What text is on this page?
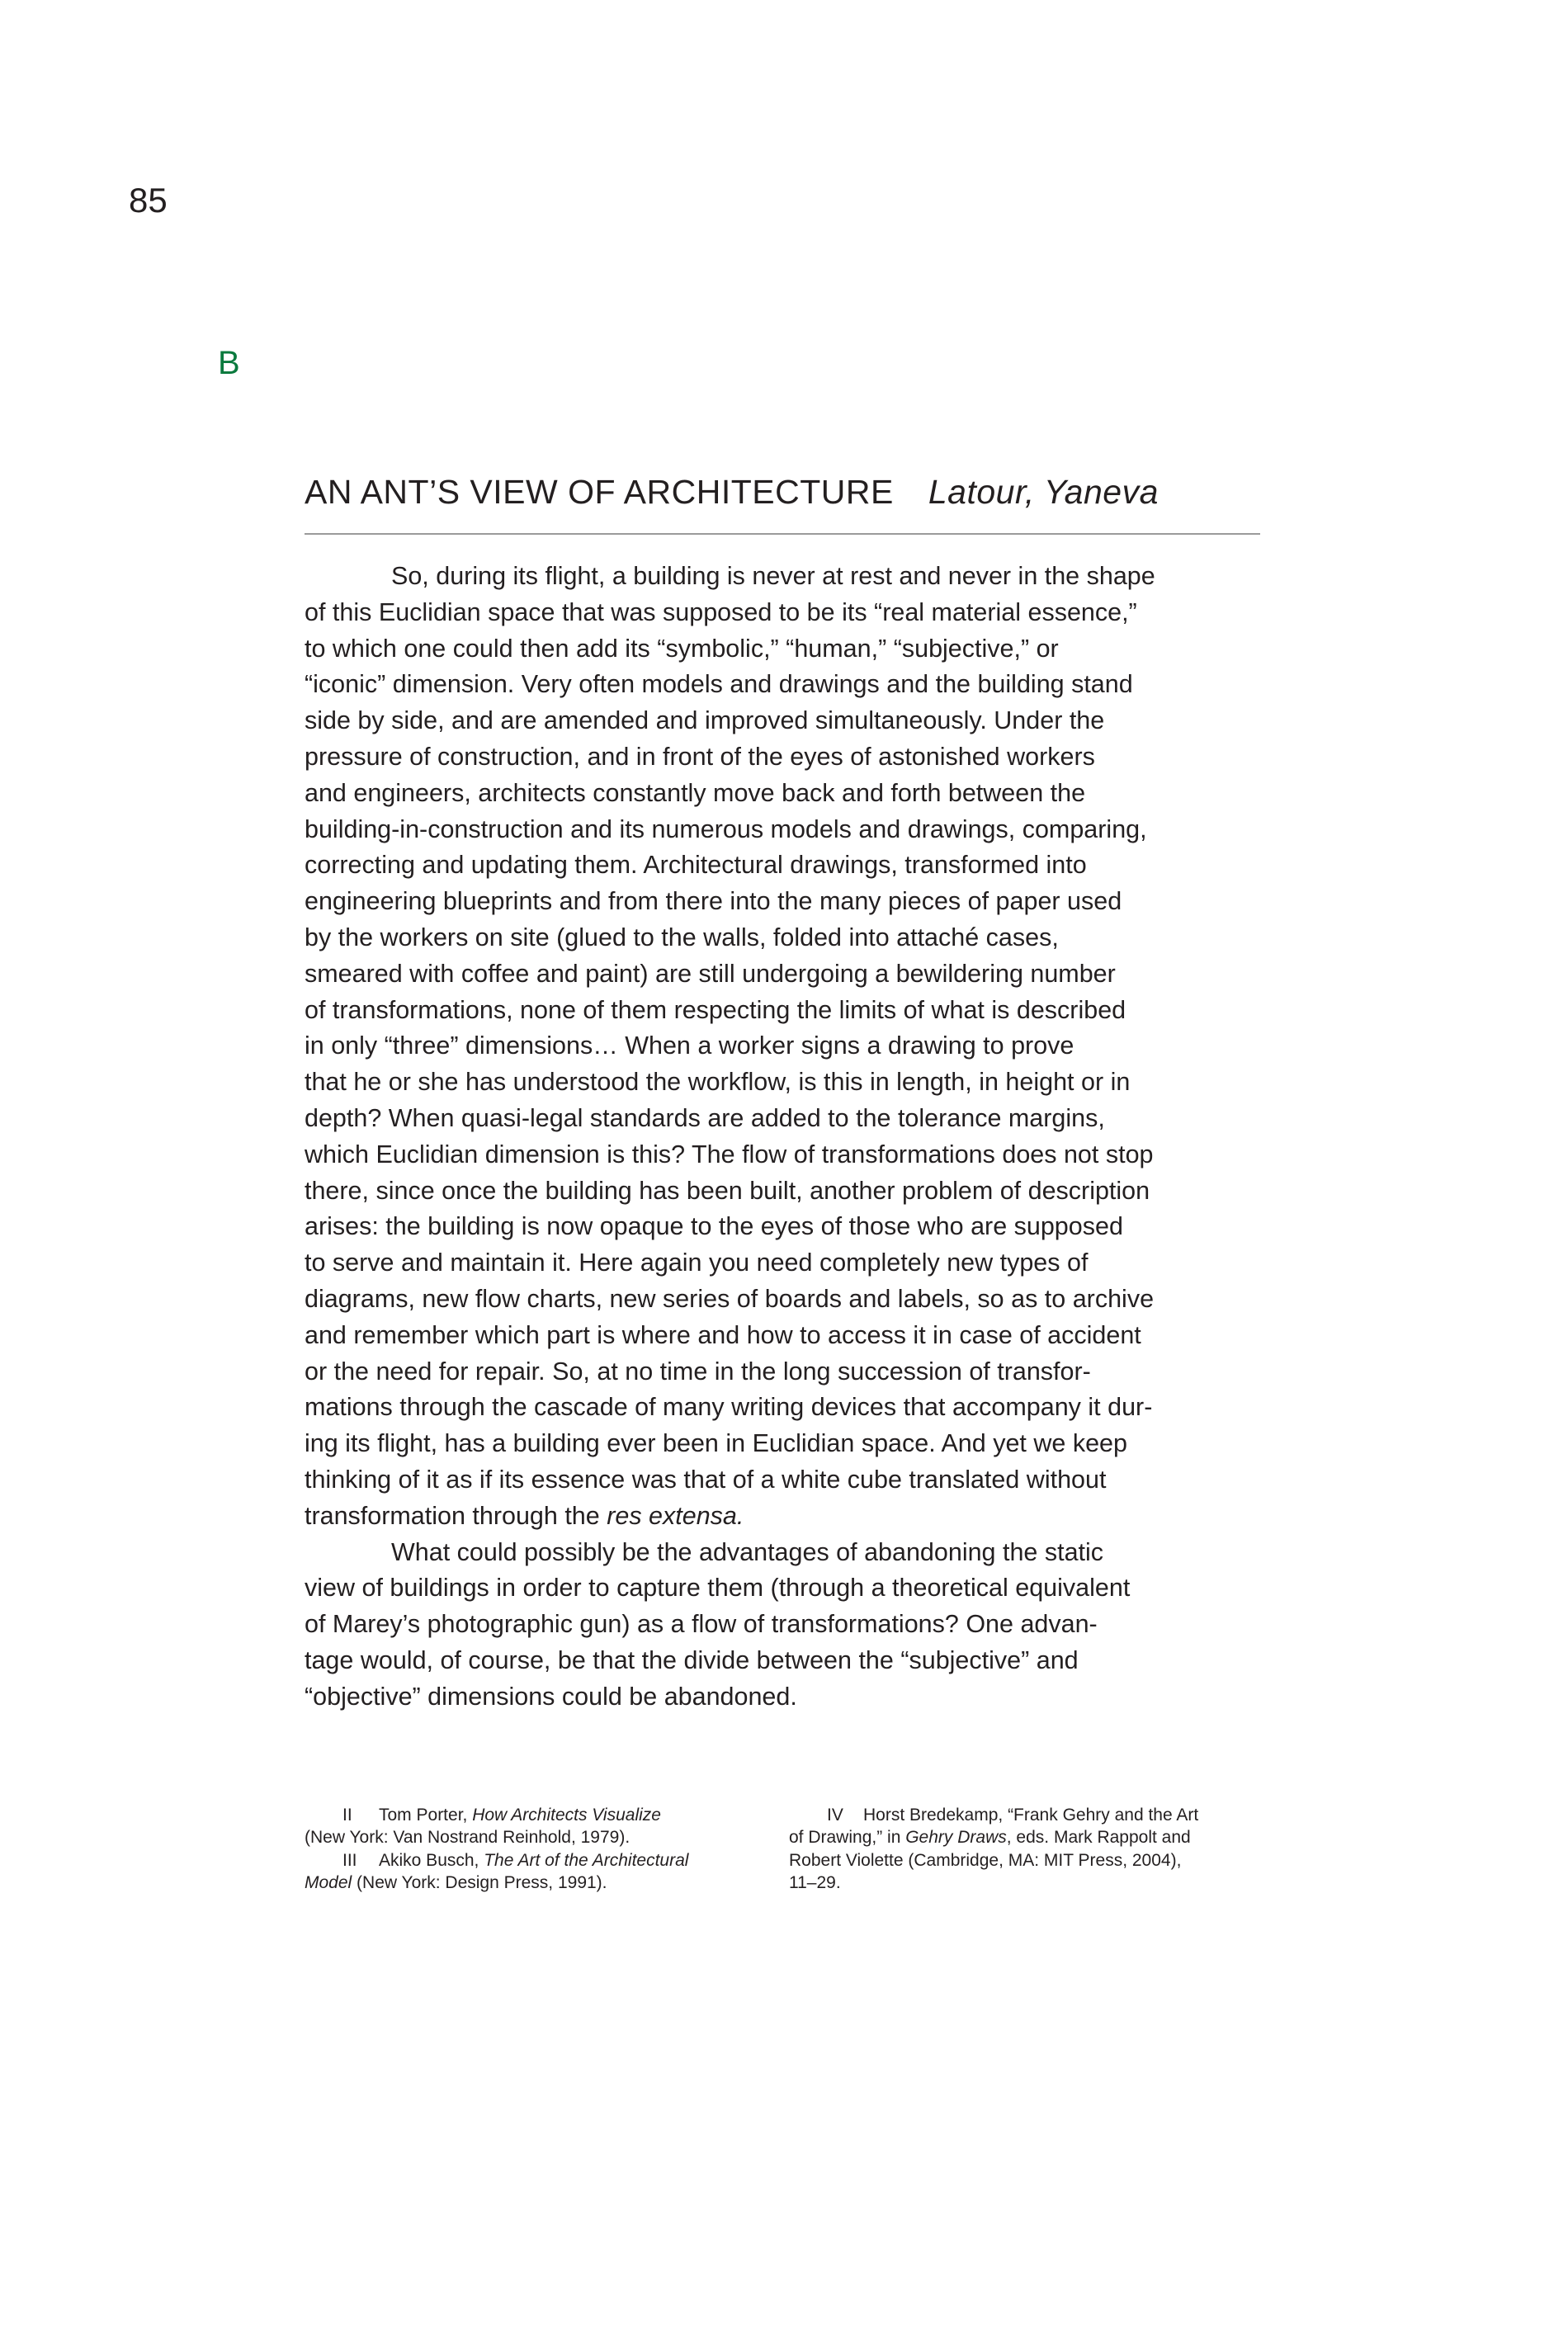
85
B
AN ANT’S VIEW OF ARCHITECTURE Latour, Yaneva
So, during its flight, a building is never at rest and never in the shape
of this Euclidian space that was supposed to be its “real material essence,”
to which one could then add its “symbolic,” “human,” “subjective,” or
“iconic” dimension. Very often models and drawings and the building stand
side by side, and are amended and improved simultaneously. Under the
pressure of construction, and in front of the eyes of astonished workers
and engineers, architects constantly move back and forth between the
building-in-construction and its numerous models and drawings, comparing,
correcting and updating them. Architectural drawings, transformed into
engineering blueprints and from there into the many pieces of paper used
by the workers on site (glued to the walls, folded into attaché cases,
smeared with coffee and paint) are still undergoing a bewildering number
of transformations, none of them respecting the limits of what is described
in only “three” dimensions… When a worker signs a drawing to prove
that he or she has understood the workflow, is this in length, in height or in
depth? When quasi-legal standards are added to the tolerance margins,
which Euclidian dimension is this? The flow of transformations does not stop
there, since once the building has been built, another problem of description
arises: the building is now opaque to the eyes of those who are supposed
to serve and maintain it. Here again you need completely new types of
diagrams, new flow charts, new series of boards and labels, so as to archive
and remember which part is where and how to access it in case of accident
or the need for repair. So, at no time in the long succession of transfor-
mations through the cascade of many writing devices that accompany it dur-
ing its flight, has a building ever been in Euclidian space. And yet we keep
thinking of it as if its essence was that of a white cube translated without
transformation through the res extensa.
What could possibly be the advantages of abandoning the static
view of buildings in order to capture them (through a theoretical equivalent
of Marey’s photographic gun) as a flow of transformations? One advan-
tage would, of course, be that the divide between the “subjective” and
“objective” dimensions could be abandoned.
II Tom Porter, How Architects Visualize
(New York: Van Nostrand Reinhold, 1979).
III Akiko Busch, The Art of the Architectural
Model (New York: Design Press, 1991).
IV Horst Bredekamp, “Frank Gehry and the Art
of Drawing,” in Gehry Draws, eds. Mark Rappolt and
Robert Violette (Cambridge, MA: MIT Press, 2004),
11–29.
